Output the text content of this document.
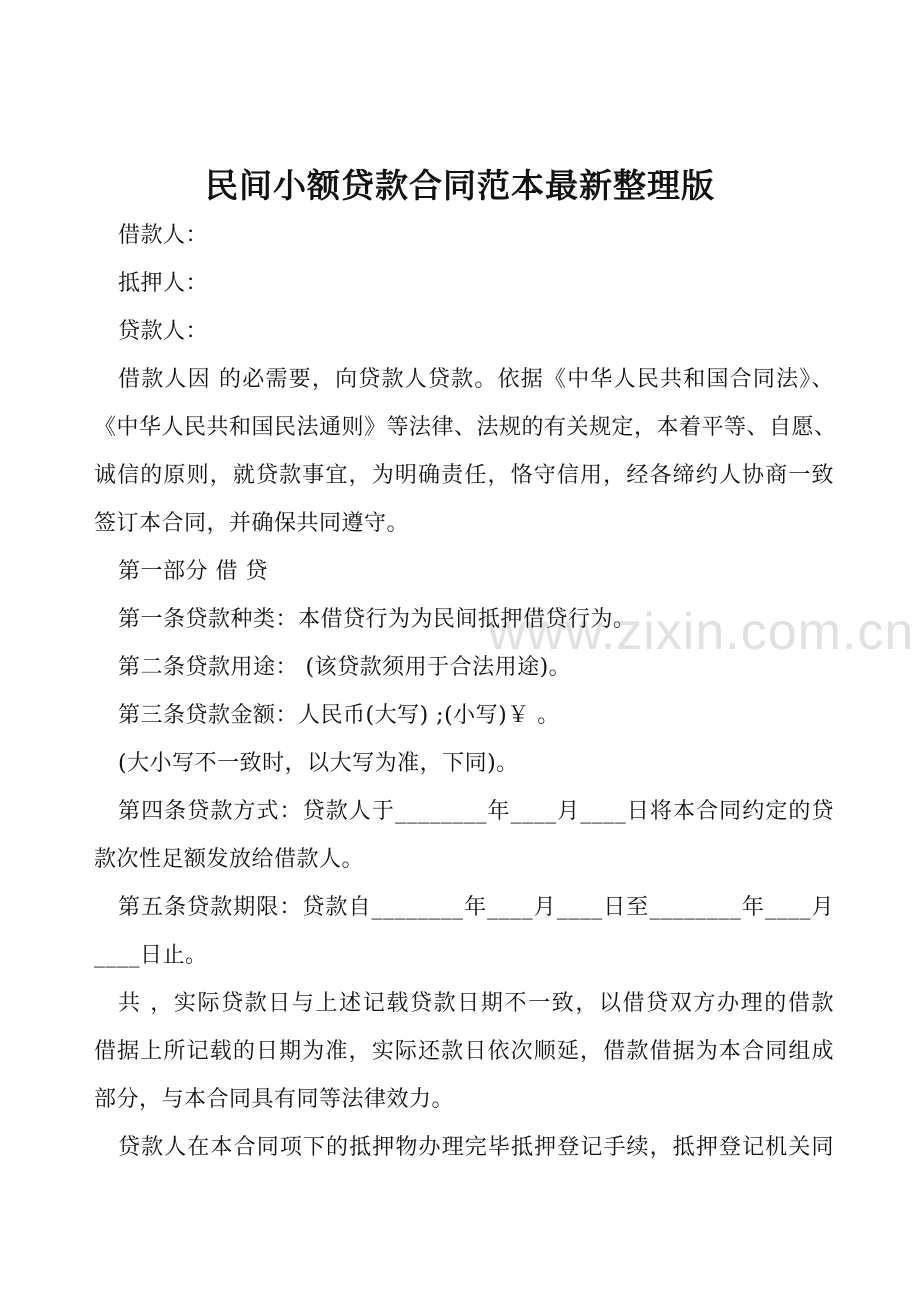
www.zixin.com.cn
民间小额贷款合同范本最新整理版
借款人：
抵押人：
贷款人：
借款人因 的必需要，向贷款人贷款。依据《中华人民共和国合同法》、
《中华人民共和国民法通则》等法律、法规的有关规定，本着平等、自愿、
诚信的原则，就贷款事宜，为明确责任，恪守信用，经各缔约人协商一致
签订本合同，并确保共同遵守。
第一部分 借 贷
第一条贷款种类：本借贷行为为民间抵押借贷行为。
第二条贷款用途： (该贷款须用于合法用途)。
第三条贷款金额：人民币(大写) ;(小写)￥ 。
(大小写不一致时，以大写为准，下同)。
第四条贷款方式：贷款人于________年____月____日将本合同约定的贷
款次性足额发放给借款人。
第五条贷款期限：贷款自________年____月____日至________年____月
____日止。
共 ，实际贷款日与上述记载贷款日期不一致，以借贷双方办理的借款
借据上所记载的日期为准，实际还款日依次顺延，借款借据为本合同组成
部分，与本合同具有同等法律效力。
贷款人在本合同项下的抵押物办理完毕抵押登记手续，抵押登记机关同
